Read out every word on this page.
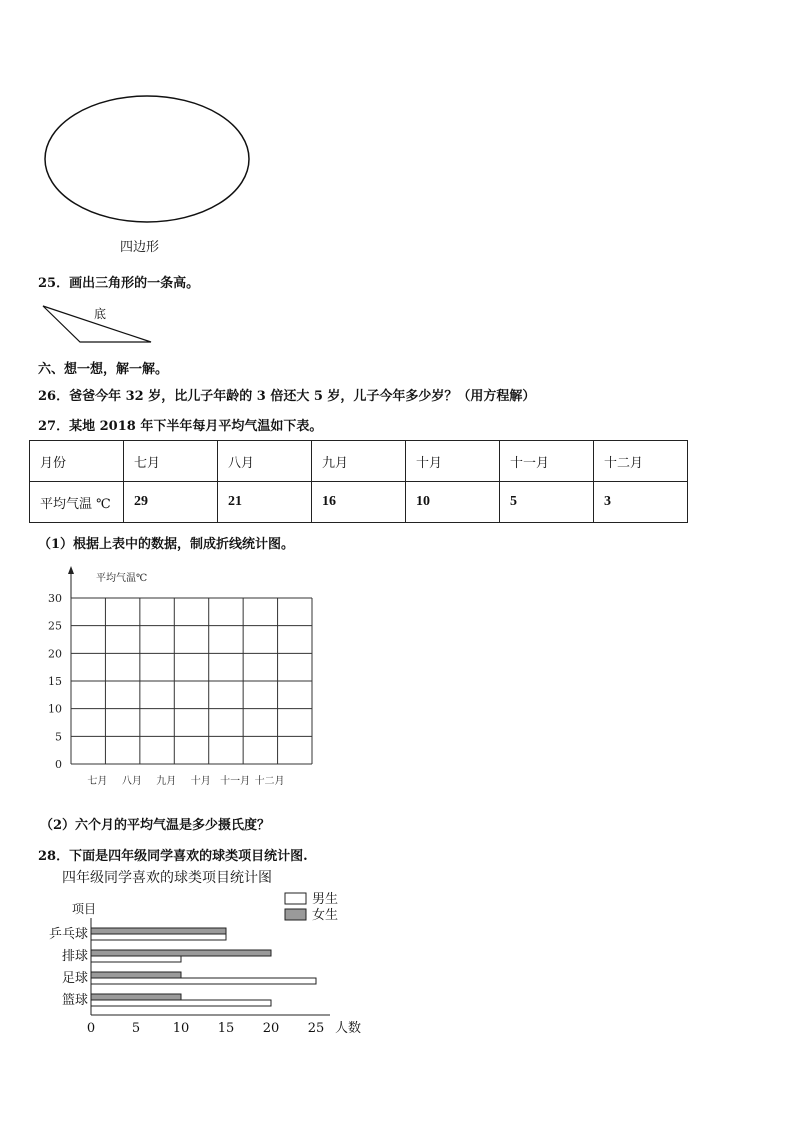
四边形
25．画出三角形的一条高。
底
六、想一想，解一解。
26．爸爸今年 32 岁，比儿子年龄的 3 倍还大 5 岁，儿子今年多少岁？（用方程解）
27．某地 2018 年下半年每月平均气温如下表。
月份	七月	八月	九月	十月	十一月	十二月
平均气温 ℃	29	21	16	10	5	3
（1）根据上表中的数据，制成折线统计图。
0
5
10
15
20
25
30
平均气温℃
七月 八月 九月 十月 十一月 十二月
（2）六个月的平均气温是多少摄氏度？
28．下面是四年级同学喜欢的球类项目统计图.
四年级同学喜欢的球类项目统计图
男生
女生
项目
0	5	10 15 20 25 人数
乒乓球
排球
足球
篮球
